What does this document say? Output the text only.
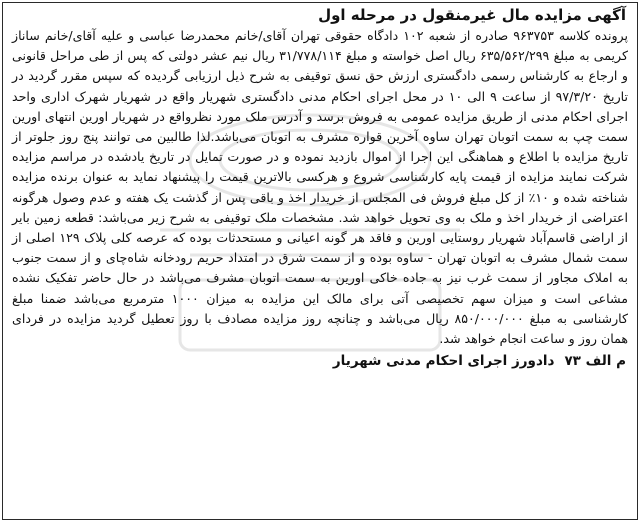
آگهی مزایده مال غیرمنقول در مرحله اول

پرونده کلاسه ۹۶۳۷۵۳ صادره از شعبه ۱۰۲ دادگاه حقوقی تهران آقای/خانم محمدرضا عباسی و علیه آقای/خانم ساناز کریمی به مبلغ ۶۳۵/۵۶۲/۲۹۹ ریال اصل خواسته و مبلغ ۳۱/۷۷۸/۱۱۴ ریال نیم عشر دولتی که پس از طی مراحل قانونی و ارجاع به کارشناس رسمی دادگستری ارزش حق نسق توقیفی به شرح ذیل ارزیابی گردیده که سپس مقرر گردید در تاریخ ۹۷/۳/۲۰ از ساعت ۹ الی ۱۰ در محل اجرای احکام مدنی دادگستری شهریار واقع در شهریار شهرک اداری واحد اجرای احکام مدنی از طریق مزایده عمومی به فروش برسد و آدرس ملک مورد نظرواقع در شهریار اورین انتهای اورین سمت چپ به سمت اتوبان تهران ساوه آخرین قواره مشرف به اتوبان می‌باشد.لذا طالبین می توانند پنج روز جلوتر از تاریخ مزایده با اطلاع و هماهنگی این اجرا از اموال بازدید نموده و در صورت تمایل در تاریخ یادشده در مراسم مزایده شرکت نمایند مزایده از قیمت پایه کارشناسی شروع و هرکسی بالاترین قیمت را پیشنهاد نماید به عنوان برنده مزایده شناخته شده و ۱۰٪ از کل مبلغ فروش فی المجلس از خریدار اخذ و باقی پس از گذشت یک هفته و عدم وصول هرگونه اعتراضی از خریدار اخذ و ملک به وی تحویل خواهد شد. مشخصات ملک توقیفی به شرح زیر می‌باشد: قطعه زمین بایر از اراضی قاسم‌آباد شهریار روستایی اورین و فاقد هر گونه اعیانی و مستحدثات بوده که عرصه کلی پلاک ۱۲۹ اصلی از سمت شمال مشرف به اتوبان تهران - ساوه بوده و از سمت شرق در امتداد حریم رودخانه شاه‌چای و از سمت جنوب به املاک مجاور از سمت غرب نیز به جاده خاکی اورین به سمت اتوبان مشرف می‌باشد در حال حاضر تفکیک نشده مشاعی است و میزان سهم تخصیصی آتی برای مالک این مزایده به میزان ۱۰۰۰ مترمربع می‌باشد ضمنا مبلغ کارشناسی به مبلغ ۸۵۰/۰۰۰/۰۰۰ ریال می‌باشد و چنانچه روز مزایده مصادف با روز تعطیل گردید مزایده در فردای همان روز و ساعت انجام خواهد شد.

م الف ۷۳
دادورز اجرای احکام مدنی شهریار
